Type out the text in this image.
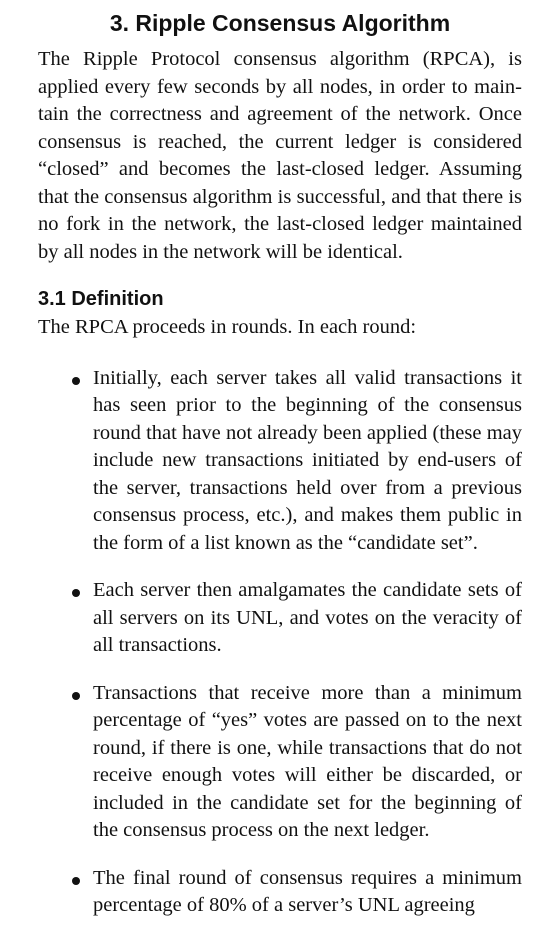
3. Ripple Consensus Algorithm

The Ripple Protocol consensus algorithm (RPCA), is applied every few seconds by all nodes, in order to maintain the correctness and agreement of the network. Once consensus is reached, the current ledger is considered “closed” and becomes the last-closed ledger. Assuming that the consensus algorithm is successful, and that there is no fork in the network, the last-closed ledger maintained by all nodes in the network will be identical.

3.1 Definition

The RPCA proceeds in rounds. In each round:

Initially, each server takes all valid transactions it has seen prior to the beginning of the consensus round that have not already been applied (these may include new transactions initiated by end-users of the server, transactions held over from a previous consensus process, etc.), and makes them public in the form of a list known as the “candidate set”.
Each server then amalgamates the candidate sets of all servers on its UNL, and votes on the veracity of all transactions.
Transactions that receive more than a minimum percentage of “yes” votes are passed on to the next round, if there is one, while transactions that do not receive enough votes will either be discarded, or included in the candidate set for the beginning of the consensus process on the next ledger.
The final round of consensus requires a minimum percentage of 80% of a server’s UNL agreeing
